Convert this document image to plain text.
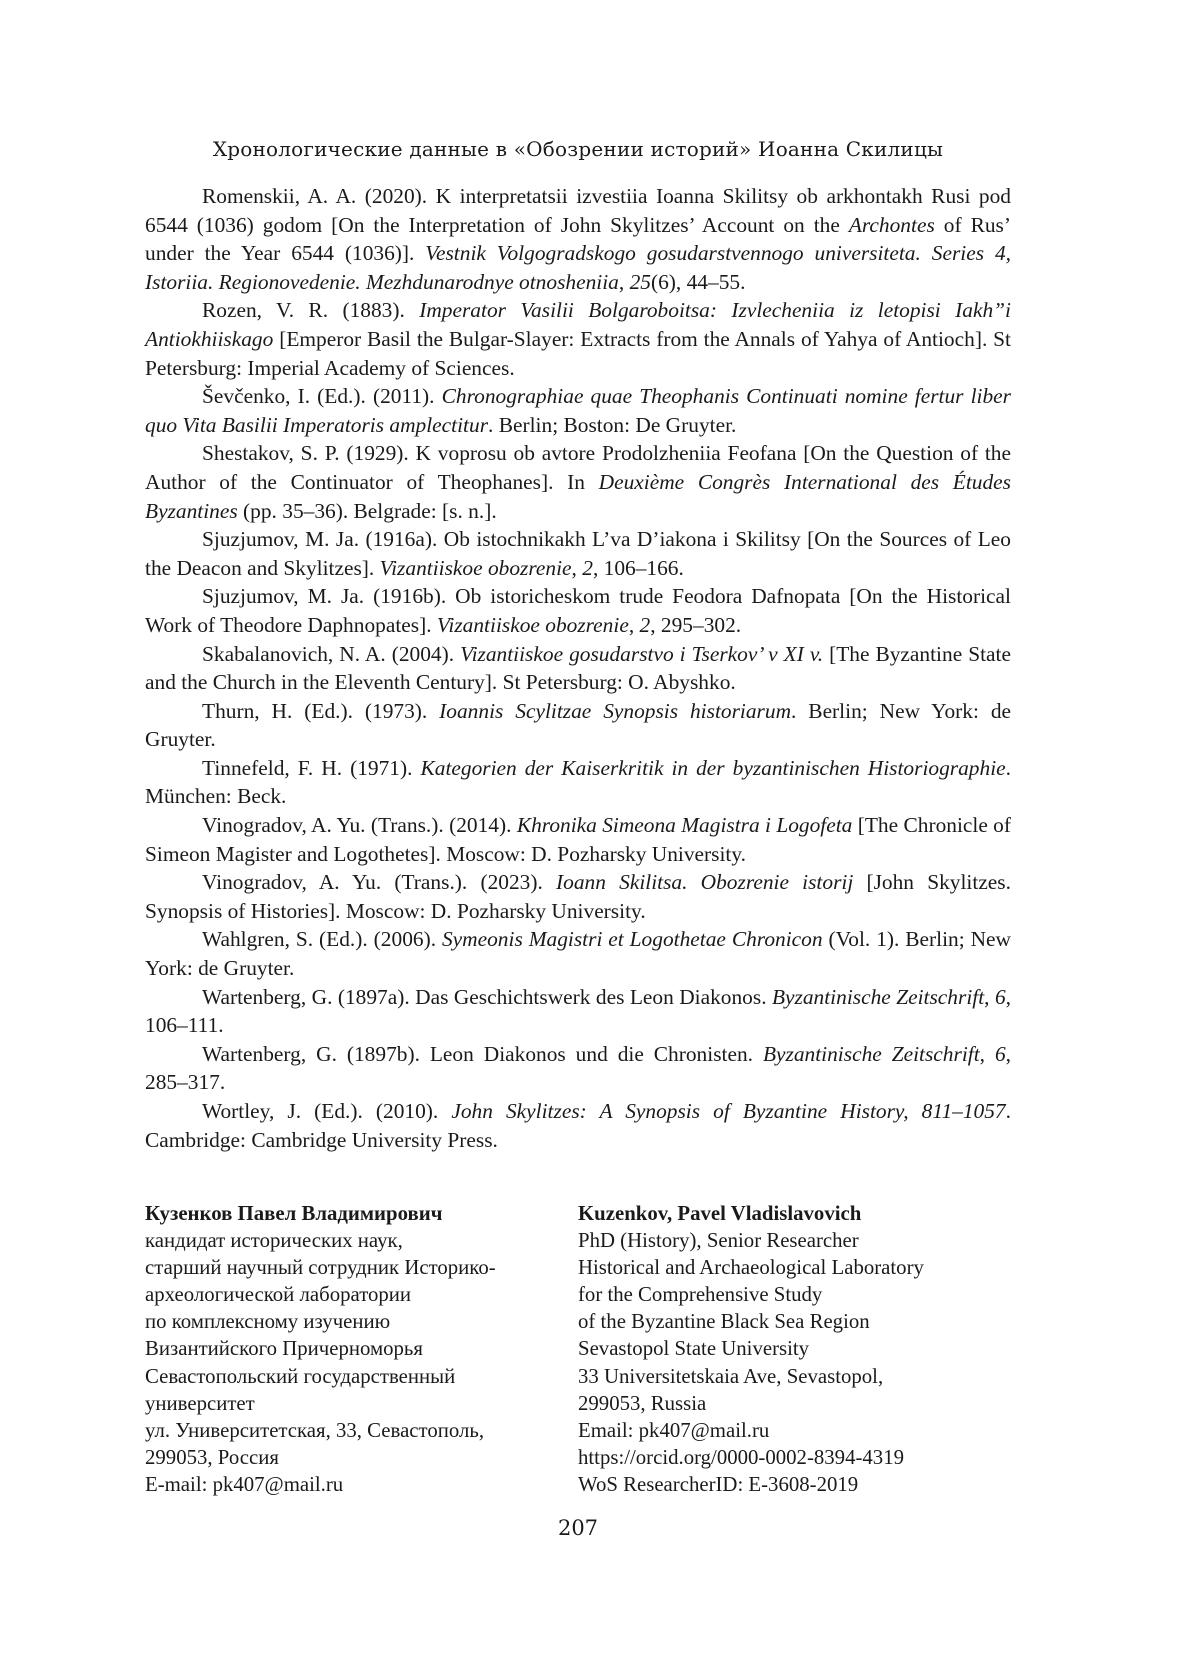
Хронологические данные в «Обозрении историй» Иоанна Скилицы

Romenskii, A. A. (2020). K interpretatsii izvestiia Ioanna Skilitsy ob arkhontakh Rusi pod 6544 (1036) godom [On the Interpretation of John Skylitzes’ Account on the Archontes of Rus’ under the Year 6544 (1036)]. Vestnik Volgogradskogo gosudarstvennogo universiteta. Series 4, Istoriia. Regionovedenie. Mezhdunarodnye otnosheniia, 25(6), 44–55.

Rozen, V. R. (1883). Imperator Vasilii Bolgaroboitsa: Izvlecheniia iz letopisi Iakh”i Antiokhiiskago [Emperor Basil the Bulgar-Slayer: Extracts from the Annals of Yahya of Antioch]. St Petersburg: Imperial Academy of Sciences.

Ševčenko, I. (Ed.). (2011). Chronographiae quae Theophanis Continuati nomine fertur liber quo Vita Basilii Imperatoris amplectitur. Berlin; Boston: De Gruyter.

Shestakov, S. P. (1929). K voprosu ob avtore Prodolzheniia Feofana [On the Question of the Author of the Continuator of Theophanes]. In Deuxième Congrès International des Études Byzantines (pp. 35–36). Belgrade: [s. n.].

Sjuzjumov, M. Ja. (1916a). Ob istochnikakh L’va D’iakona i Skilitsy [On the Sources of Leo the Deacon and Skylitzes]. Vizantiiskoe obozrenie, 2, 106–166.

Sjuzjumov, M. Ja. (1916b). Ob istoricheskom trude Feodora Dafnopata [On the Historical Work of Theodore Daphnopates]. Vizantiiskoe obozrenie, 2, 295–302.

Skabalanovich, N. A. (2004). Vizantiiskoe gosudarstvo i Tserkov’ v XI v. [The Byzantine State and the Church in the Eleventh Century]. St Petersburg: O. Abyshko.

Thurn, H. (Ed.). (1973). Ioannis Scylitzae Synopsis historiarum. Berlin; New York: de Gruyter.

Tinnefeld, F. H. (1971). Kategorien der Kaiserkritik in der byzantinischen Historiographie. München: Beck.

Vinogradov, A. Yu. (Trans.). (2014). Khronika Simeona Magistra i Logofeta [The Chronicle of Simeon Magister and Logothetes]. Moscow: D. Pozharsky University.

Vinogradov, A. Yu. (Trans.). (2023). Ioann Skilitsa. Obozrenie istorij [John Skylitzes. Synopsis of Histories]. Moscow: D. Pozharsky University.

Wahlgren, S. (Ed.). (2006). Symeonis Magistri et Logothetae Chronicon (Vol. 1). Berlin; New York: de Gruyter.

Wartenberg, G. (1897a). Das Geschichtswerk des Leon Diakonos. Byzantinische Zeitschrift, 6, 106–111.

Wartenberg, G. (1897b). Leon Diakonos und die Chronisten. Byzantinische Zeitschrift, 6, 285–317.

Wortley, J. (Ed.). (2010). John Skylitzes: A Synopsis of Byzantine History, 811–1057. Cambridge: Cambridge University Press.

Кузенков Павел Владимирович
кандидат исторических наук,
старший научный сотрудник Историко-
археологической лаборатории
по комплексному изучению
Византийского Причерноморья
Севастопольский государственный
университет
ул. Университетская, 33, Севастополь,
299053, Россия
E-mail: pk407@mail.ru
Kuzenkov, Pavel Vladislavovich
PhD (History), Senior Researcher
Historical and Archaeological Laboratory
for the Comprehensive Study
of the Byzantine Black Sea Region
Sevastopol State University
33 Universitetskaia Ave, Sevastopol,
299053, Russia
Email: pk407@mail.ru
https://orcid.org/0000-0002-8394-4319
WoS ResearcherID: E-3608-2019
207
